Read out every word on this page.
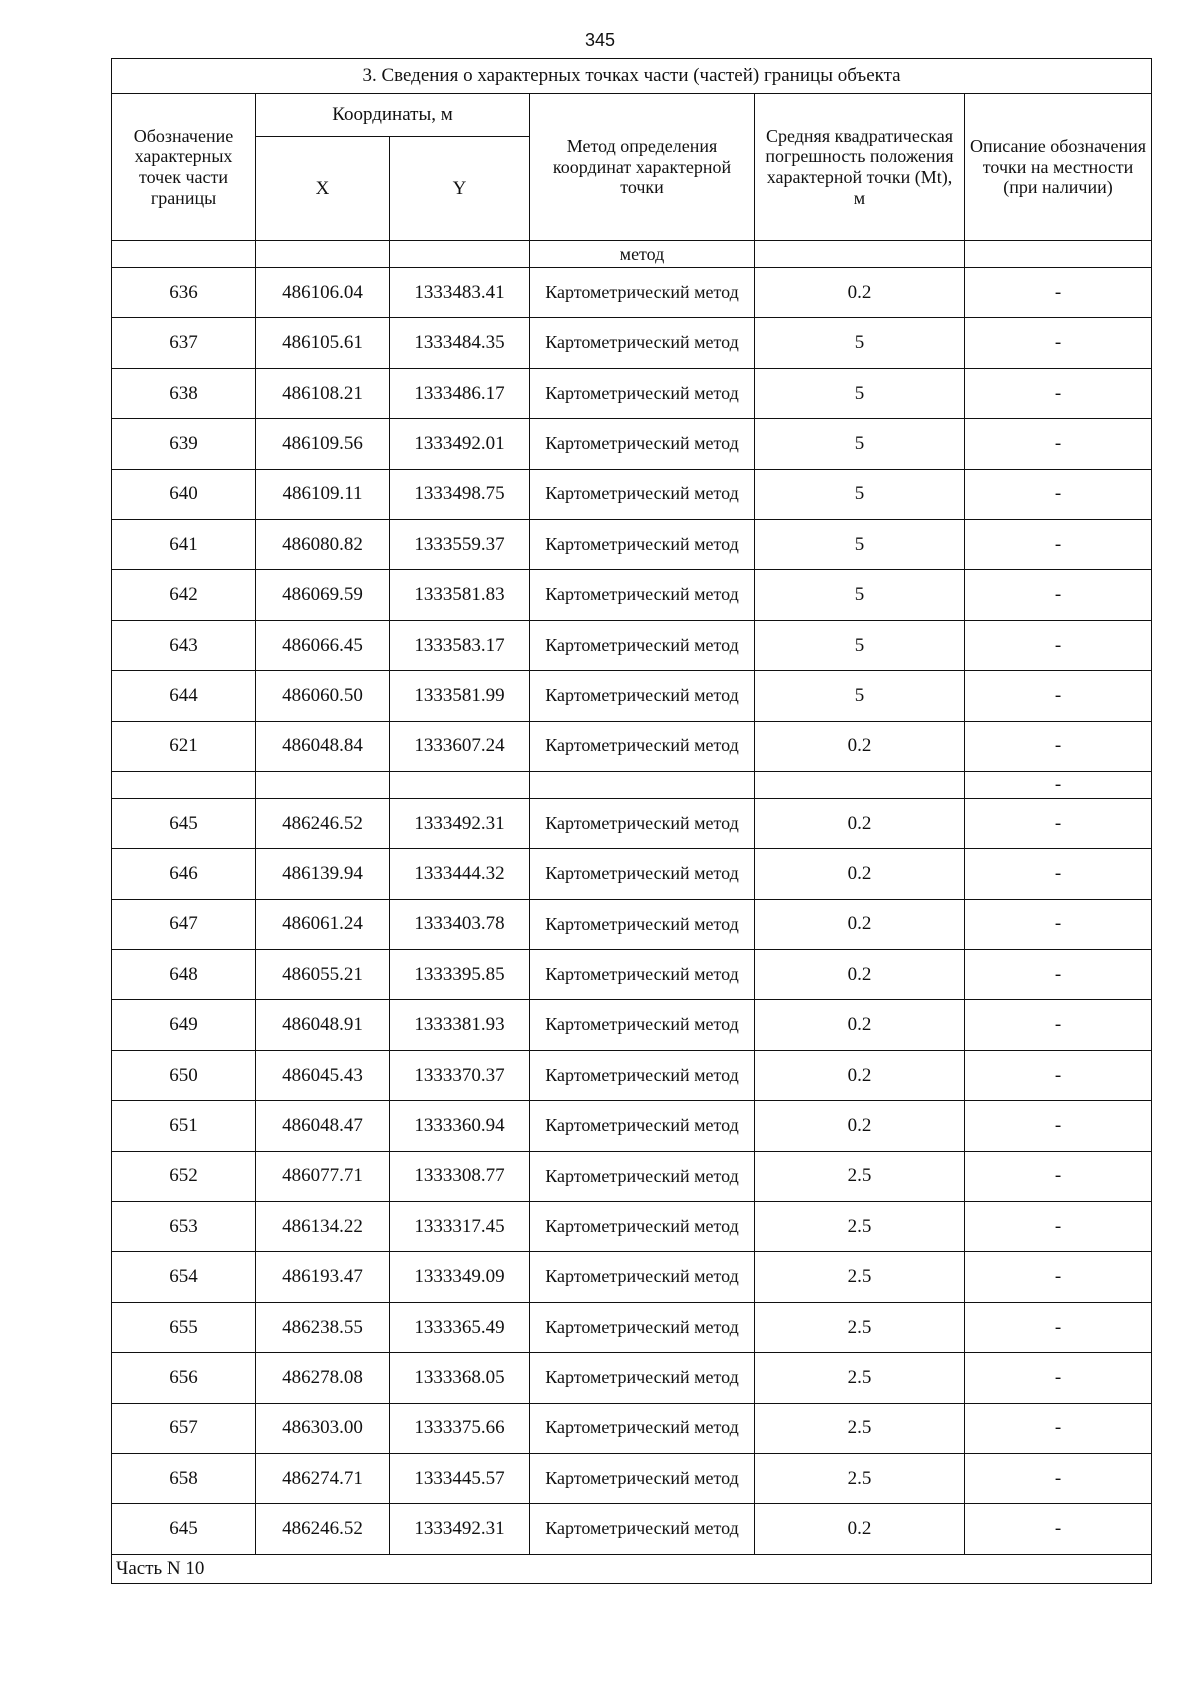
345
3. Сведения о характерных точках части (частей) границы объекта					
Обозначение характерных точек части границы	Координаты, м		Метод определения координат характерной точки	Средняя квадратическая погрешность положения характерной точки (Mt), м	Описание обозначения точки на местности (при наличии)
	X	Y			
			метод		
636	486106.04	1333483.41	Картометрический метод	0.2	-
637	486105.61	1333484.35	Картометрический метод	5	-
638	486108.21	1333486.17	Картометрический метод	5	-
639	486109.56	1333492.01	Картометрический метод	5	-
640	486109.11	1333498.75	Картометрический метод	5	-
641	486080.82	1333559.37	Картометрический метод	5	-
642	486069.59	1333581.83	Картометрический метод	5	-
643	486066.45	1333583.17	Картометрический метод	5	-
644	486060.50	1333581.99	Картометрический метод	5	-
621	486048.84	1333607.24	Картометрический метод	0.2	-
					-
645	486246.52	1333492.31	Картометрический метод	0.2	-
646	486139.94	1333444.32	Картометрический метод	0.2	-
647	486061.24	1333403.78	Картометрический метод	0.2	-
648	486055.21	1333395.85	Картометрический метод	0.2	-
649	486048.91	1333381.93	Картометрический метод	0.2	-
650	486045.43	1333370.37	Картометрический метод	0.2	-
651	486048.47	1333360.94	Картометрический метод	0.2	-
652	486077.71	1333308.77	Картометрический метод	2.5	-
653	486134.22	1333317.45	Картометрический метод	2.5	-
654	486193.47	1333349.09	Картометрический метод	2.5	-
655	486238.55	1333365.49	Картометрический метод	2.5	-
656	486278.08	1333368.05	Картометрический метод	2.5	-
657	486303.00	1333375.66	Картометрический метод	2.5	-
658	486274.71	1333445.57	Картометрический метод	2.5	-
645	486246.52	1333492.31	Картометрический метод	0.2	-
Часть N 10					
